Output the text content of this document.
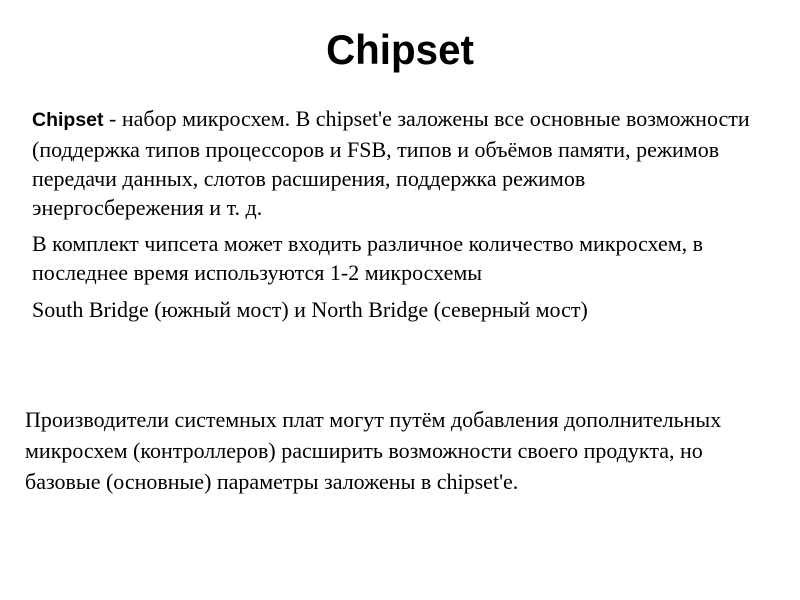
Chipset

Chipset - набор микросхем. В chipset'е заложены все основные возможности (поддержка типов процессоров и FSB, типов и объёмов памяти, режимов передачи данных, слотов расширения, поддержка режимов энергосбережения и т. д.

В комплект чипсета может входить различное количество микросхем, в последнее время используются 1-2 микросхемы

South Bridge (южный мост) и North Bridge (северный мост)

Производители системных плат могут путём добавления дополнительных микросхем (контроллеров) расширить возможности своего продукта, но базовые (основные) параметры заложены в chipset'е.
